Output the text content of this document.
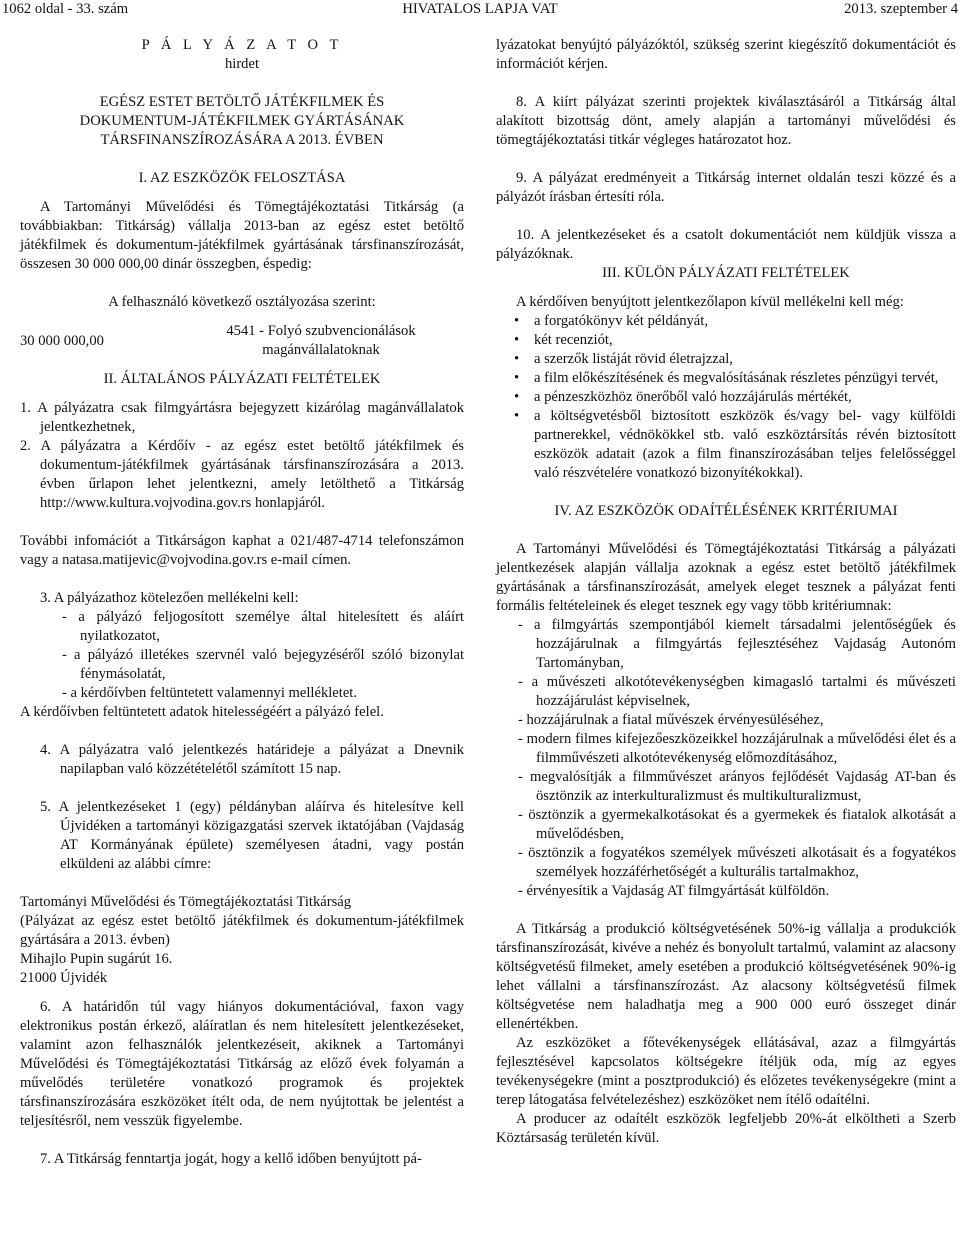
1062 oldal - 33. szám	HIVATALOS LAPJA VAT	2013. szeptember 4

P Á L Y Á Z A T O T

hirdet

EGÉSZ ESTET BETÖLTŐ JÁTÉKFILMEK ÉS

DOKUMENTUM-JÁTÉKFILMEK GYÁRTÁSÁNAK

TÁRSFINANSZÍROZÁSÁRA A 2013. ÉVBEN

I. AZ ESZKÖZÖK FELOSZTÁSA

A Tartományi Művelődési és Tömegtájékoztatási Titkárság (a továbbiakban: Titkárság) vállalja 2013-ban az egész estet betöltő játékfilmek és dokumentum-játékfilmek gyártásának társfinanszírozását, összesen 30 000 000,00 dinár összegben, éspedig:

A felhasználó következő osztályozása szerint:

30 000 000,00
4541 - Folyó szubvencionálások magánvállalatoknak

II. ÁLTALÁNOS PÁLYÁZATI FELTÉTELEK

1. A pályázatra csak filmgyártásra bejegyzett kizárólag magánvállalatok jelentkezhetnek,

2. A pályázatra a Kérdőív - az egész estet betöltő játékfilmek és dokumentum-játékfilmek gyártásának társfinanszírozására a 2013. évben űrlapon lehet jelentkezni, amely letölthető a Titkárság http://www.kultura.vojvodina.gov.rs honlapjáról.

További infomációt a Titkárságon kaphat a 021/487-4714 telefonszámon vagy a natasa.matijevic@vojvodina.gov.rs e-mail címen.

3. A pályázathoz kötelezően mellékelni kell:

- a pályázó feljogosított személye által hitelesített és aláírt nyilatkozatot,

- a pályázó illetékes szervnél való bejegyzéséről szóló bizonylat fénymásolatát,

- a kérdőívben feltüntetett valamennyi mellékletet.

A kérdőívben feltüntetett adatok hitelességéért a pályázó felel.

4. A pályázatra való jelentkezés határideje a pályázat a Dnevnik napilapban való közzétételétől számított 15 nap.

5. A jelentkezéseket 1 (egy) példányban aláírva és hitelesítve kell Újvidéken a tartományi közigazgatási szervek iktatójában (Vajdaság AT Kormányának épülete) személyesen átadni, vagy postán elküldeni az alábbi címre:

Tartományi Művelődési és Tömegtájékoztatási Titkárság

(Pályázat az egész estet betöltő játékfilmek és dokumentum-játékfilmek gyártására a 2013. évben)

Mihajlo Pupin sugárút 16.

21000 Újvidék

6. A határidőn túl vagy hiányos dokumentációval, faxon vagy elektronikus postán érkező, aláíratlan és nem hitelesített jelentkezéseket, valamint azon felhasználók jelentkezéseit, akiknek a Tartományi Művelődési és Tömegtájékoztatási Titkárság az előző évek folyamán a művelődés területére vonatkozó programok és projektek társfinanszírozására eszközöket ítélt oda, de nem nyújtottak be jelentést a teljesítésről, nem vesszük figyelembe.

7. A Titkárság fenntartja jogát, hogy a kellő időben benyújtott pá-

lyázatokat benyújtó pályázóktól, szükség szerint kiegészítő dokumentációt és információt kérjen.

8. A kiírt pályázat szerinti projektek kiválasztásáról a Titkárság által alakított bizottság dönt, amely alapján a tartományi művelődési és tömegtájékoztatási titkár végleges határozatot hoz.

9. A pályázat eredményeit a Titkárság internet oldalán teszi közzé és a pályázót írásban értesíti róla.

10. A jelentkezéseket és a csatolt dokumentációt nem küldjük vissza a pályázóknak.

III. KÜLÖN PÁLYÁZATI FELTÉTELEK

A kérdőíven benyújtott jelentkezőlapon kívül mellékelni kell még:

• a forgatókönyv két példányát,
• két recenziót,
• a szerzők listáját rövid életrajzzal,
• a film előkészítésének és megvalósításának részletes pénzügyi tervét,
• a pénzeszközhöz önerőből való hozzájárulás mértékét,
• a költségvetésből biztosított eszközök és/vagy bel- vagy külföldi partnerekkel, védnökökkel stb. való eszköztársítás révén biztosított eszközök adatait (azok a film finanszírozásában teljes felelősséggel való részvételére vonatkozó bizonyítékokkal).

IV. AZ ESZKÖZÖK ODAÍTÉLÉSÉNEK KRITÉRIUMAI

A Tartományi Művelődési és Tömegtájékoztatási Titkárság a pályázati jelentkezések alapján vállalja azoknak a egész estet betöltő játékfilmek gyártásának a társfinanszírozását, amelyek eleget tesznek a pályázat fenti formális feltételeinek és eleget tesznek egy vagy több kritériumnak:

- a filmgyártás szempontjából kiemelt társadalmi jelentőségűek és hozzájárulnak a filmgyártás fejlesztéséhez Vajdaság Autonóm Tartományban,

- a művészeti alkotótevékenységben kimagasló tartalmi és művészeti hozzájárulást képviselnek,

- hozzájárulnak a fiatal művészek érvényesüléséhez,

- modern filmes kifejezőeszközeikkel hozzájárulnak a művelődési élet és a filmművészeti alkotótevékenység előmozdításához,

- megvalósítják a filmművészet arányos fejlődését Vajdaság AT-ban és ösztönzik az interkulturalizmust és multikulturalizmust,

- ösztönzik a gyermekalkotásokat és a gyermekek és fiatalok alkotását a művelődésben,

- ösztönzik a fogyatékos személyek művészeti alkotásait és a fogyatékos személyek hozzáférhetőségét a kulturális tartalmakhoz,

- érvényesítik a Vajdaság AT filmgyártását külföldön.

A Titkárság a produkció költségvetésének 50%-ig vállalja a produkciók társfinanszírozását, kivéve a nehéz és bonyolult tartalmú, valamint az alacsony költségvetésű filmeket, amely esetében a produkció költségvetésének 90%-ig lehet vállalni a társfinanszírozást. Az alacsony költségvetésű filmek költségvetése nem haladhatja meg a 900 000 euró összeget dinár ellenértékben.

Az eszközöket a főtevékenységek ellátásával, azaz a filmgyártás fejlesztésével kapcsolatos költségekre ítéljük oda, míg az egyes tevékenységekre (mint a posztprodukció) és előzetes tevékenységekre (mint a terep látogatása felvételezéshez) eszközöket nem ítélő odaítélni.

A producer az odaítélt eszközök legfeljebb 20%-át elkölthetі a Szerb Köztársaság területén kívül.
